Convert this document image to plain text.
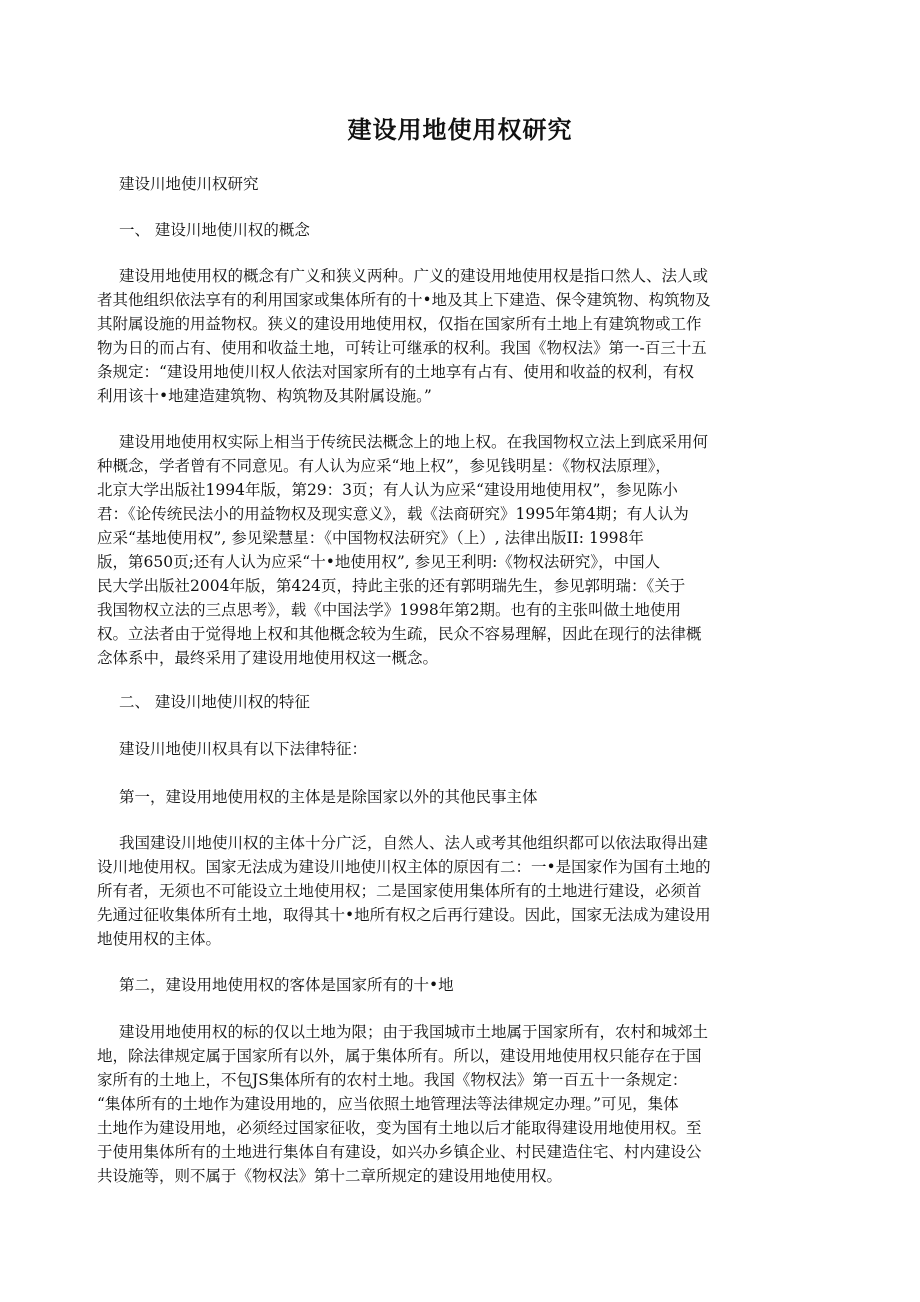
建设用地使用权研究

建设川地使川权研究

一、 建设川地使川权的概念

建设用地使用权的概念有广义和狭义两种。广义的建设用地使用权是指口然人、法人或
者其他组织依法享有的利用国家或集体所有的十•地及其上下建造、保令建筑物、构筑物及
其附属设施的用益物权。狭义的建设用地使用权，仅指在国家所有土地上有建筑物或工作
物为日的而占有、使用和收益土地，可转让可继承的权利。我国《物权法》第一-百三十五
条规定：“建设用地使川权人依法对国家所有的土地享有占有、使用和收益的权利，有权
利用该十•地建造建筑物、构筑物及其附属设施。”
建设用地使用权实际上相当于传统民法概念上的地上权。在我国物权立法上到底采用何
种概念，学者曾有不同意见。有人认为应采“地上权”，参见钱明星：《物权法原理》，
北京大学出版社1994年版，第29：3页；有人认为应采“建设用地使用权”，参见陈小
君：《论传统民法小的用益物权及现实意义》，载《法商研究》1995年第4期；有人认为
应采“基地使用权”, 参见梁慧星：《中国物权法研究》（上）, 法律出版II: 1998年
版，第650页;还有人认为应采“十•地使用权”, 参见王利明:《物权法研究》，中国人
民大学出版社2004年版，第424页，持此主张的还有郭明瑞先生，参见郭明瑞：《关于
我国物权立法的三点思考》，载《中国法学》1998年第2期。也有的主张叫做土地使用
权。立法者由于觉得地上权和其他概念较为生疏，民众不容易理解，因此在现行的法律概
念体系中，最终采用了建设用地使用权这一概念。

二、 建设川地使川权的特征

建设川地使川权具有以下法律特征：

第一，建设用地使用权的主体是是除国家以外的其他民事主体

我国建设川地使川权的主体十分广泛，自然人、法人或考其他组织都可以依法取得出建
设川地使用权。国家无法成为建设川地使川权主体的原因有二：一•是国家作为国有土地的
所有者，无须也不可能设立土地使用权；二是国家使用集体所有的土地进行建设，必须首
先通过征收集体所有土地，取得其十•地所有权之后再行建设。因此，国家无法成为建设用
地使用权的主体。

第二，建设用地使用权的客体是国家所有的十•地

建设用地使用权的标的仅以土地为限；由于我国城市土地属于国家所有，农村和城郊土
地，除法律规定属于国家所有以外，属于集体所有。所以，建设用地使用权只能存在于国
家所有的土地上，不包JS集体所有的农村土地。我国《物权法》第一百五十一条规定：
“集体所有的土地作为建设用地的，应当依照土地管理法等法律规定办理。”可见，集体
土地作为建设用地，必须经过国家征收，变为国有土地以后才能取得建设用地使用权。至
于使用集体所有的土地进行集体自有建设，如兴办乡镇企业、村民建造住宅、村内建设公
共设施等，则不属于《物权法》第十二章所规定的建设用地使用权。
